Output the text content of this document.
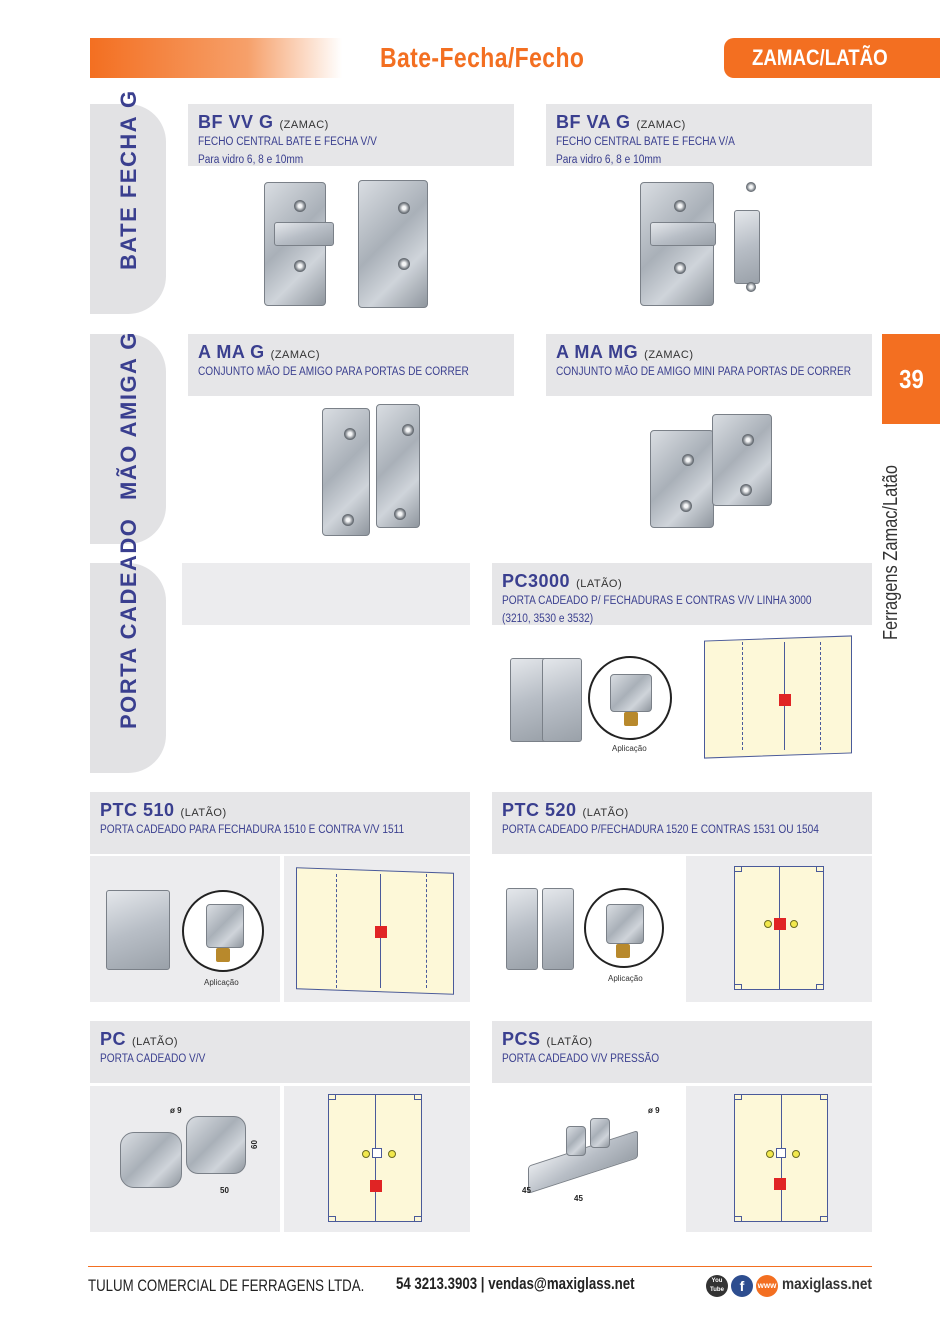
Bate-Fecha/Fecho	ZAMAC/LATÃO
39
Ferragens Zamac/Latão
BATE FECHA G
MÃO AMIGA G
PORTA CADEADO
BF VV G (ZAMAC)
FECHO CENTRAL BATE E FECHA V/V
Para vidro 6, 8 e 10mm
BF VA G (ZAMAC)
FECHO CENTRAL BATE E FECHA V/A
Para vidro 6, 8 e 10mm
A MA G (ZAMAC)
CONJUNTO MÃO DE AMIGO PARA PORTAS DE CORRER
A MA MG (ZAMAC)
CONJUNTO MÃO DE AMIGO MINI PARA PORTAS DE CORRER
PC3000 (LATÃO)
PORTA CADEADO P/ FECHADURAS E CONTRAS V/V LINHA 3000
(3210, 3530 e 3532)
Aplicação
PTC 510 (LATÃO)
PORTA CADEADO PARA FECHADURA 1510 E CONTRA V/V 1511
Aplicação
PTC 520 (LATÃO)
PORTA CADEADO P/FECHADURA 1520 E CONTRAS 1531 OU 1504
Aplicação
PC (LATÃO)
PORTA CADEADO V/V
ø 9
60
50
PCS (LATÃO)
PORTA CADEADO V/V PRESSÃO
ø 9
45
45
TULUM COMERCIAL DE FERRAGENS LTDA. 54 3213.3903 | vendas@maxiglass.net	You Tube	f	www maxiglass.net
